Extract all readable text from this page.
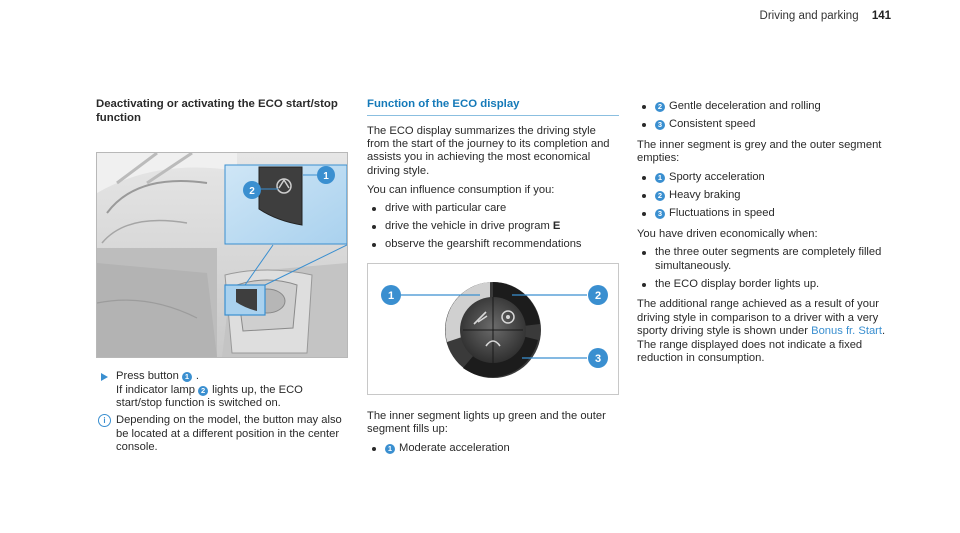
Driving and parking 141
Deactivating or activating the ECO start/stop function
2
1
Press button 1 .
If indicator lamp 2 lights up, the ECO start/stop function is switched on.
i Depending on the model, the button may also be located at a different position in the center console.
Function of the ECO display

The ECO display summarizes the driving style from the start of the journey to its completion and assists you in achieving the most economical driving style.

You can influence consumption if you:

drive with particular care
drive the vehicle in drive program E
observe the gearshift recommendations
1	2
3

The inner segment lights up green and the outer segment fills up:

1 Moderate acceleration
2 Gentle deceleration and rolling
3 Consistent speed

The inner segment is grey and the outer segment empties:

1 Sporty acceleration
2 Heavy braking
3 Fluctuations in speed

You have driven economically when:

the three outer segments are completely filled simultaneously.
the ECO display border lights up.

The additional range achieved as a result of your driving style in comparison to a driver with a very sporty driving style is shown under Bonus fr. Start. The range displayed does not indicate a fixed reduction in consumption.
